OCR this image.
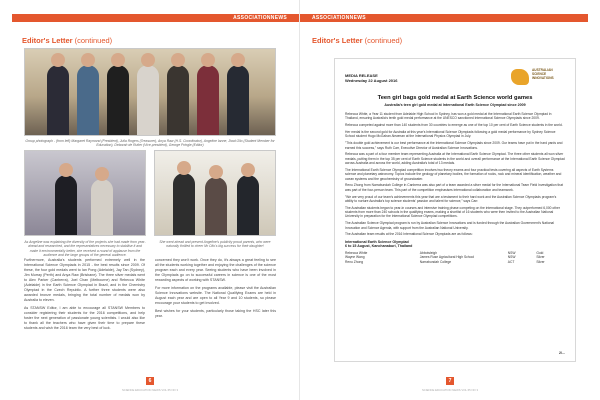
ASSOCIATIONNEWS
Editor's Letter (continued)
Group photograph - (from left) Margaret Raymond (President), Julia Rogers (Treasurer), Anya Raw (H.S. Coordinator), Angeline Ianne, Jhad Ollo (Student Member for Education), Deborah de Ruiter (Vice-president), George Pringle (Editor)
As Angeline was explaining the diversity of the projects she had made from year-ahead and researched, and the representatives necessary to stabilise it and make it environmentally better, she received a round of applause from the audience and the large groups of the general audience.
She went ahead and present Angeline's publicity proud parents, who were naturally thrilled to cheer Mr Ollo's big success for their daughter!

Furthermore, Australia's students performed extremely well in the International Science Olympiads in 2015 - the best results since 2009. Of these, the four gold medals went to Ian Pong (Adelaide), Jay Tan (Sydney), Jim Murray (Perth) and Anya Raw (Brisbane). The three silver medals went to Alex Parker (Canberra), Joel Chan (Melbourne) and Rebecca White (Adelaide) in the Earth Science Olympiad in Brazil, and in the Chemistry Olympiad in the Czech Republic. A further three students were also awarded bronze medals, bringing the total number of medals won by Australia to eleven.

As STANSW Editor, I am able to encourage all STANSW Members to consider registering their students for the 2016 competitions, and help foster the next generation of passionate young scientists. I would also like to thank all the teachers who have given their time to prepare these students and wish the 2016 team the very best of luck.

concerned they won't work. Once they do, it's always a great feeling to see all the students working together and enjoying the challenges of the science program each and every year. Seeing students who have been involved in the Olympiads go on to successful careers in science is one of the most rewarding aspects of working with STANSW.

For more information on the programs available, please visit the Australian Science Innovations website. The National Qualifying Exams are held in August each year and are open to all Year 9 and 10 students, so please encourage your students to get involved.

Best wishes for your students, particularly those taking the HSC later this year.

6
SCIENCE EDUCATION NEWS VOL 65 NO 3
ASSOCIATIONNEWS
Editor's Letter (continued)
MEDIA RELEASE
Wednesday 22 August 2016
AUSTRALIAN SCIENCE INNOVATIONS
Teen girl bags gold medal at Earth Science world games
Australia's teen girl gold medal at International Earth Science Olympiad since 2009

Rebecca White, a Year 11 student from Adelaide High School in Sydney, has won a gold medal at the International Earth Science Olympiad in Thailand, ensuring Australia's tenth gold medal performance at the UNESCO sanctioned International Science Olympiads since 2009.

Rebecca competed against more than 140 students from 30 countries to emerge as one of the top 10 per cent of Earth Science students in the world.

Her medal is the second gold for Australia at this year's International Science Olympiads following a gold medal performance by Sydney Science School student Hugo McGahan-Newman at the International Physics Olympiad in July.

"This double gold achievement is our best performance at the International Science Olympiads since 2009. Our teams have put in the hard yards and earned this success," says Ruth Carr, Executive Director of Australian Science Innovations.

Rebecca was a part of a four member team representing Australia at the International Earth Science Olympiad. The three other students all won silver medals, putting them in the top 35 per cent of Earth Science students in the world and overall performance at the International Earth Science Olympiad across Australia and across the world, adding Australia's total of 13 medals.

The International Earth Science Olympiad competition involves two theory exams and four practical tests covering all aspects of Earth Systems science and planetary astronomy. Topics include the geology of planetary bodies, the formation of rocks, rock and mineral identification, weather and ocean systems and the geochemistry of groundwater.

Renu Zhong from Narrabundah College in Canberra was also part of a team awarded a silver medal for the International Team Field Investigation that was part of the four-person team. This part of the competition emphasises international collaboration and teamwork.

"We are very proud of our team's achievements this year that are a testament to their hard work and the Australian Science Olympiads program's ability to nurture Australia's top science students' passion and talent for science," says Carr.

The Australian students began to year-in courses and intensive training phase competing on the international stage. They outperformed 6,000 other students from more than 240 schools in the qualifying exams, making a shortlist of 16 students who were then invited to the Australian National University in preparation for the International Science Olympiad competitions.

The Australian Science Olympiad program is run by Australian Science Innovations and is funded through the Australian Government's National Innovation and Science Agenda, with support from the Australian National University.

The Australian team results at the 2016 International Science Olympiads are as follows:

International Earth Science Olympiad
6 to 15 August, Kanchanaburi, Thailand
Rebecca White	Abbotsleigh	NSW	Gold
Wayne Wang	James Ruse Agricultural High School	NSW	Silver
Renu Zhong	Narrabundah College	ACT	Silver
2/...
7
SCIENCE EDUCATION NEWS VOL 65 NO 3
